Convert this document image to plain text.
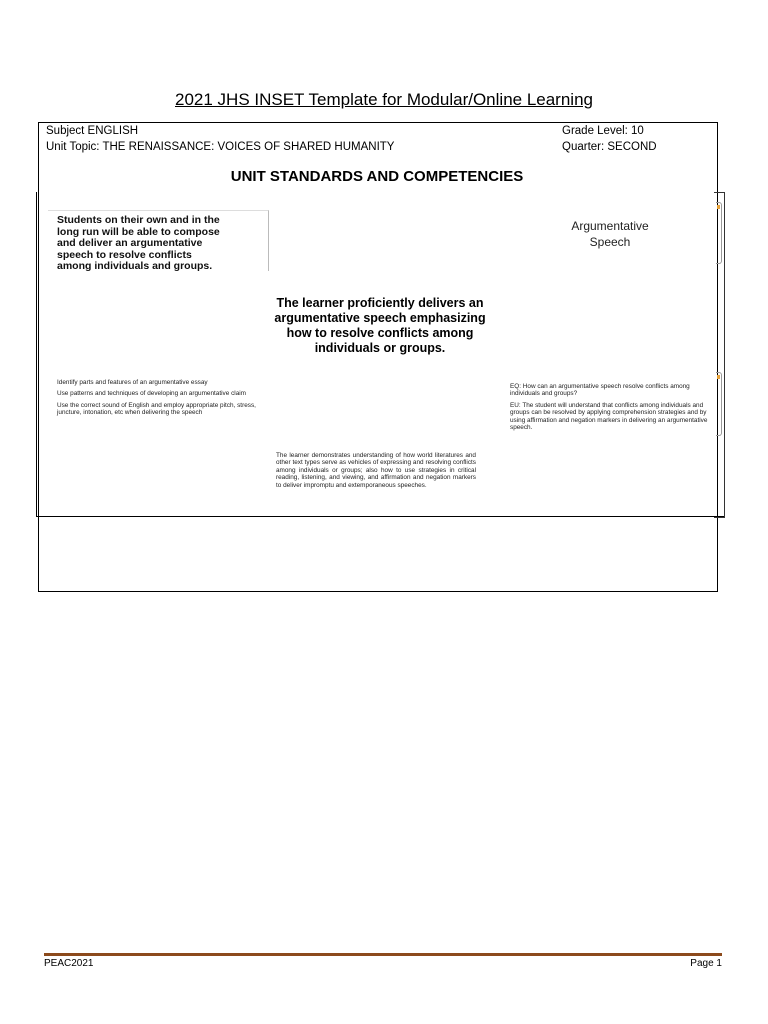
2021 JHS INSET Template for Modular/Online Learning
Subject ENGLISH
Unit Topic: THE RENAISSANCE: VOICES OF SHARED HUMANITY
Grade Level: 10
Quarter: SECOND
UNIT STANDARDS AND COMPETENCIES
Students on their own and in the
long run will be able to compose
and deliver an argumentative
speech to resolve conflicts
among individuals and groups.
Argumentative
Speech
The learner proficiently delivers an
argumentative speech emphasizing
how to resolve conflicts among
individuals or groups.

Identify parts and features of an argumentative essay

Use patterns and techniques of developing an argumentative claim

Use the correct sound of English and employ appropriate pitch, stress, juncture, intonation, etc when delivering the speech

EQ: How can an argumentative speech resolve conflicts among individuals and groups?

EU: The student will understand that conflicts among individuals and groups can be resolved by applying comprehension strategies and by using affirmation and negation markers in delivering an argumentative speech.

The learner demonstrates understanding of how world literatures and other text types serve as vehicles of expressing and resolving conflicts among individuals or groups; also how to use strategies in critical reading, listening, and viewing, and affirmation and negation markers to deliver impromptu and extemporaneous speeches.
PEAC2021	Page 1
